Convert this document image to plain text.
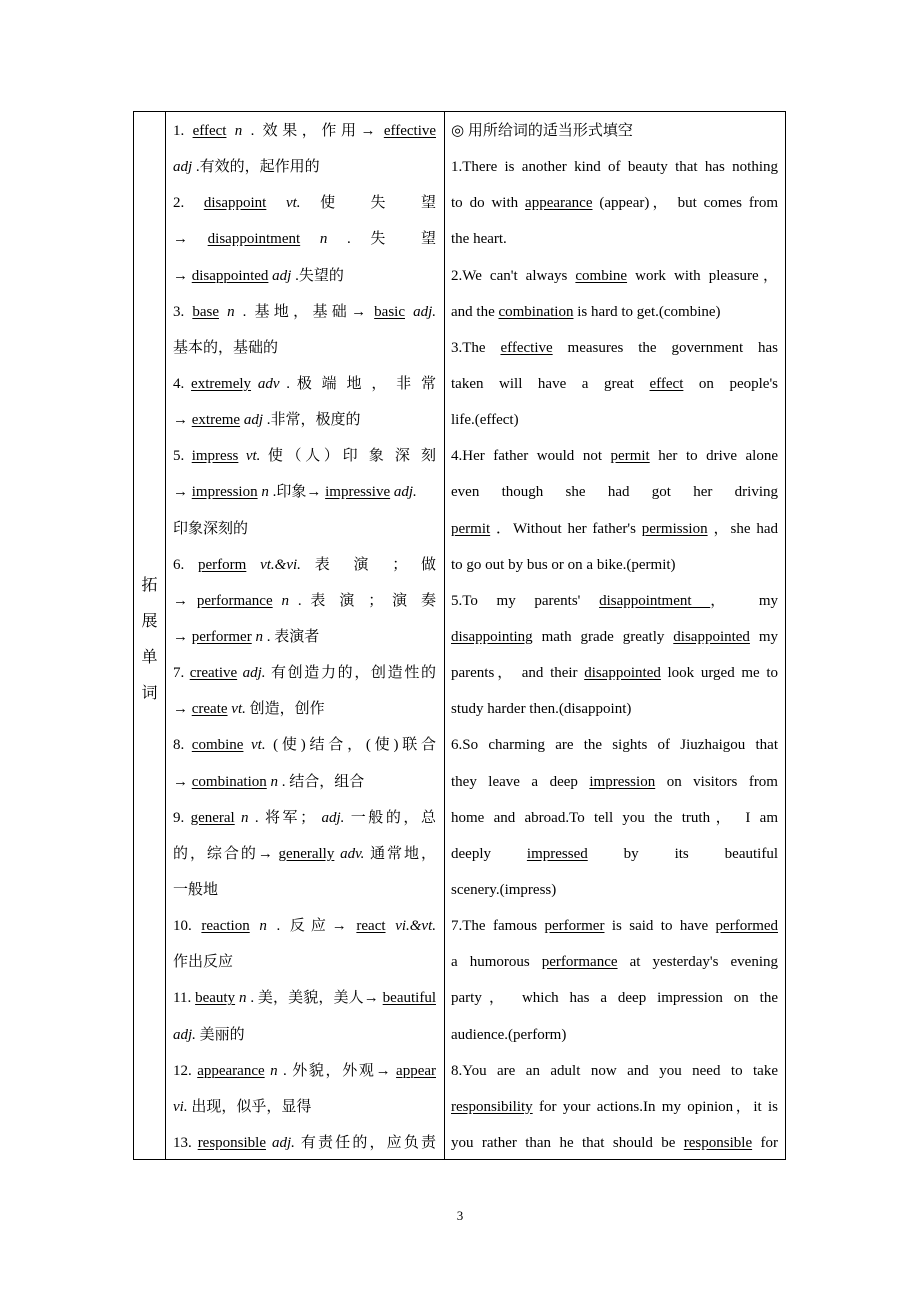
拓
展
单
词
1. effect n . 效果，作用→ effective
adj .有效的，起作用的
2. disappoint vt. 使 失 望
→ disappointment n . 失 望
→ disappointed adj .失望的
3. base n . 基地，基础→ basic adj.
基本的，基础的
4. extremely adv . 极 端 地 ， 非 常
→ extreme adj .非常，极度的
5. impress vt. 使（人）印 象 深 刻
→ impression n .印象→ impressive adj.
印象深刻的
6. perform vt.&vi. 表 演 ； 做
→ performance n . 表 演 ； 演 奏
→ performer n . 表演者
7. creative adj. 有创造力的，创造性的
→ create vt. 创造，创作
8. combine vt. (使)结合，(使)联合
→ combination n . 结合，组合
9. general n . 将军； adj. 一般的，总
的，综合的→ generally adv. 通常地，
一般地
10. reaction n . 反应→ react vi.&vt.
作出反应
11. beauty n . 美，美貌，美人→ beautiful
adj. 美丽的
12. appearance n . 外貌，外观→ appear
vi. 出现，似乎，显得
13. responsible adj. 有责任的，应负责
◎ 用所给词的适当形式填空
1.There is another kind of beauty that has nothing
to do with appearance (appear)， but comes from
the heart.
2.We can't always combine work with pleasure，
and the combination is hard to get.(combine)
3.The effective measures the government has
taken will have a great effect on people's
life.(effect)
4.Her father would not permit her to drive alone
even though she had got her driving
permit ．Without her father's permission ，she had
to go out by bus or on a bike.(permit)
5.To my parents' disappointment ， my
disappointing math grade greatly disappointed my
parents， and their disappointed look urged me to
study harder then.(disappoint)
6.So charming are the sights of Jiuzhaigou that
they leave a deep impression on visitors from
home and abroad.To tell you the truth， I am
deeply impressed by its beautiful
scenery.(impress)
7.The famous performer is said to have performed
a humorous performance at yesterday's evening
party， which has a deep impression on the
audience.(perform)
8.You are an adult now and you need to take
responsibility for your actions.In my opinion，it is
you rather than he that should be responsible for
3
